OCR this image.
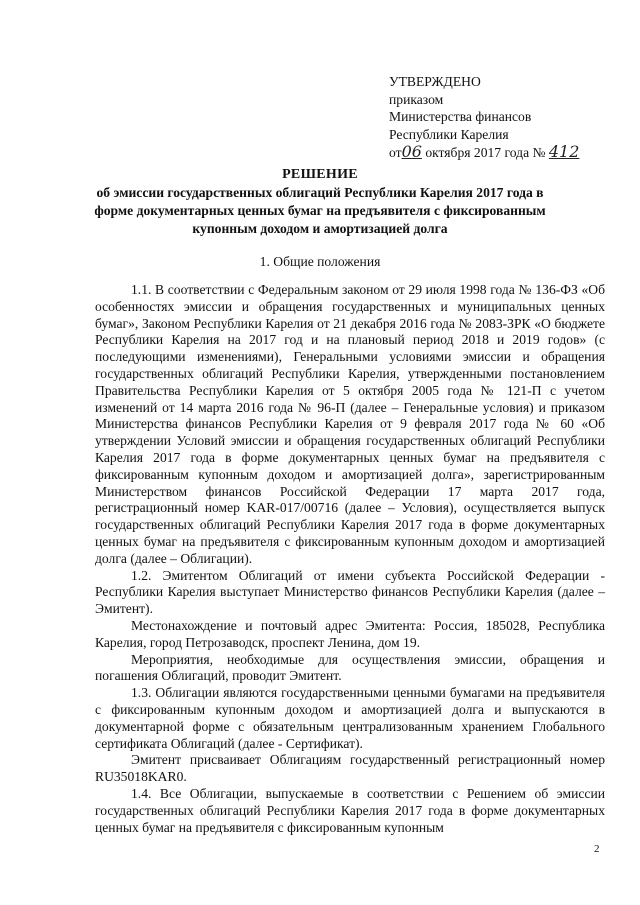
УТВЕРЖДЕНО
приказом
Министерства финансов
Республики Карелия
от06 октября 2017 года № 412
РЕШЕНИЕ
об эмиссии государственных облигаций Республики Карелия 2017 года в
форме документарных ценных бумаг на предъявителя с фиксированным
купонным доходом и амортизацией долга
1. Общие положения

1.1. В соответствии с Федеральным законом от 29 июля 1998 года № 136-ФЗ «Об особенностях эмиссии и обращения государственных и муниципальных ценных бумаг», Законом Республики Карелия от 21 декабря 2016 года № 2083-ЗРК «О бюджете Республики Карелия на 2017 год и на плановый период 2018 и 2019 годов» (с последующими изменениями), Генеральными условиями эмиссии и обращения государственных облигаций Республики Карелия, утвержденными постановлением Правительства Республики Карелия от 5 октября 2005 года № 121-П с учетом изменений от 14 марта 2016 года № 96-П (далее – Генеральные условия) и приказом Министерства финансов Республики Карелия от 9 февраля 2017 года № 60 «Об утверждении Условий эмиссии и обращения государственных облигаций Республики Карелия 2017 года в форме документарных ценных бумаг на предъявителя с фиксированным купонным доходом и амортизацией долга», зарегистрированным Министерством финансов Российской Федерации 17 марта 2017 года, регистрационный номер KAR-017/00716 (далее – Условия), осуществляется выпуск государственных облигаций Республики Карелия 2017 года в форме документарных ценных бумаг на предъявителя с фиксированным купонным доходом и амортизацией долга (далее – Облигации).

1.2. Эмитентом Облигаций от имени субъекта Российской Федерации - Республики Карелия выступает Министерство финансов Республики Карелия (далее – Эмитент).

Местонахождение и почтовый адрес Эмитента: Россия, 185028, Республика Карелия, город Петрозаводск, проспект Ленина, дом 19.

Мероприятия, необходимые для осуществления эмиссии, обращения и погашения Облигаций, проводит Эмитент.

1.3. Облигации являются государственными ценными бумагами на предъявителя с фиксированным купонным доходом и амортизацией долга и выпускаются в документарной форме с обязательным централизованным хранением Глобального сертификата Облигаций (далее - Сертификат).

Эмитент присваивает Облигациям государственный регистрационный номер RU35018KAR0.

1.4. Все Облигации, выпускаемые в соответствии с Решением об эмиссии государственных облигаций Республики Карелия 2017 года в форме документарных ценных бумаг на предъявителя с фиксированным купонным

2
